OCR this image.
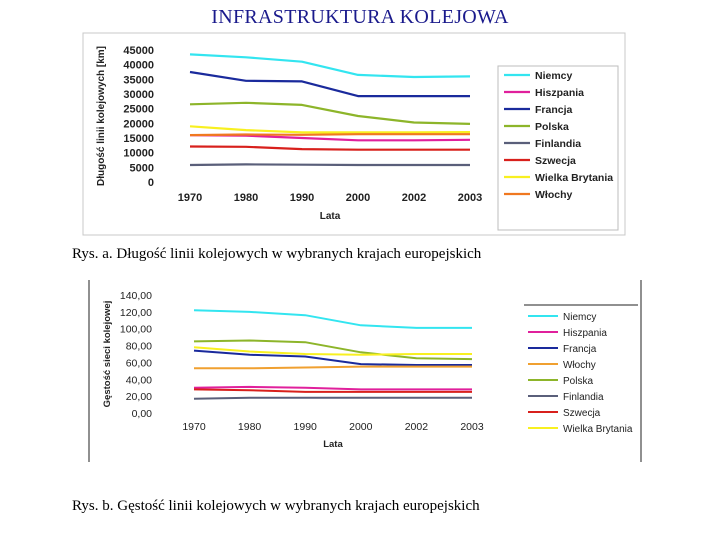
INFRASTRUKTURA KOLEJOWA
0
5000
10000
15000
20000
25000
30000
35000
40000
45000
1970	1980	1990	2000	2002	2003
Lata
Długość linii kolejowych [km]	Niemcy
Hiszpania
Francja
Polska
Finlandia
Szwecja
Wielka Brytania
Włochy
Rys. a. Długość linii kolejowych w wybranych krajach europejskich
0,00
20,00
40,00
60,00
80,00
100,00
120,00
140,00
1970	1980	1990	2000	2002	2003
Lata
Gęstość sieci kolejowej	Niemcy
Hiszpania
Francja
Włochy
Polska
Finlandia
Szwecja
Wielka Brytania
Rys. b. Gęstość linii kolejowych w wybranych krajach europejskich
